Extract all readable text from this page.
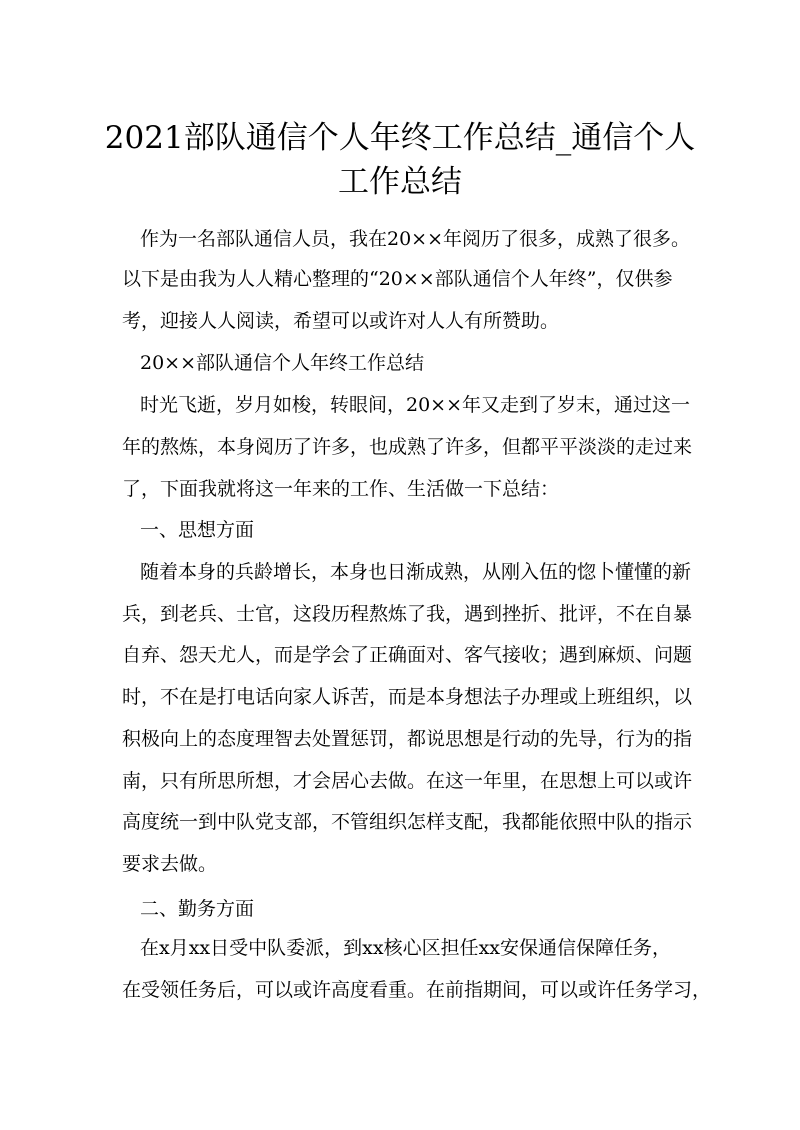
2021部队通信个人年终工作总结_通信个人
工作总结

作为一名部队通信人员，我在20××年阅历了很多，成熟了很多。

以下是由我为人人精心整理的“20××部队通信个人年终”，仅供参

考，迎接人人阅读，希望可以或许对人人有所赞助。

20××部队通信个人年终工作总结

时光飞逝，岁月如梭，转眼间，20××年又走到了岁末，通过这一

年的熬炼，本身阅历了许多，也成熟了许多，但都平平淡淡的走过来

了，下面我就将这一年来的工作、生活做一下总结：

一、思想方面

随着本身的兵龄增长，本身也日渐成熟，从刚入伍的惚卜懂懂的新

兵，到老兵、士官，这段历程熬炼了我，遇到挫折、批评，不在自暴

自弃、怨天尤人，而是学会了正确面对、客气接收；遇到麻烦、问题

时，不在是打电话向家人诉苦，而是本身想法子办理或上班组织，以

积极向上的态度理智去处置惩罚，都说思想是行动的先导，行为的指

南，只有所思所想，才会居心去做。在这一年里，在思想上可以或许

高度统一到中队党支部，不管组织怎样支配，我都能依照中队的指示

要求去做。

二、勤务方面

在x月xx日受中队委派，到xx核心区担任xx安保通信保障任务，

在受领任务后，可以或许高度看重。在前指期间，可以或许任务学习，
